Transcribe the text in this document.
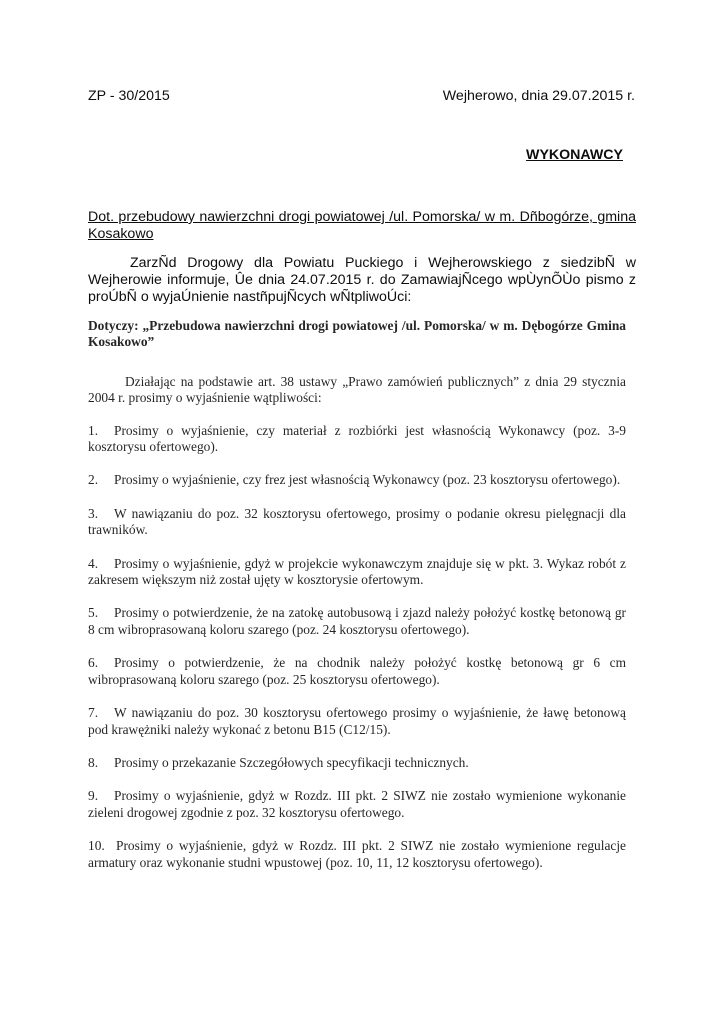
ZP - 30/2015	Wejherowo, dnia 29.07.2015 r.
WYKONAWCY
Dot. przebudowy nawierzchni drogi powiatowej /ul. Pomorska/ w m. Dñbogórze, gmina Kosakowo
ZarzÑd Drogowy dla Powiatu Puckiego i Wejherowskiego z siedzibÑ w Wejherowie informuje, Ûe dnia 24.07.2015 r. do ZamawiajÑcego wpÙynÕÙo pismo z proÚbÑ o wyjaÚnienie nastñpujÑcych wÑtpliwoÚci:

Dotyczy: „Przebudowa nawierzchni drogi powiatowej /ul. Pomorska/ w m. Dębogórze Gmina Kosakowo”

Działając na podstawie art. 38 ustawy „Prawo zamówień publicznych” z dnia 29 stycznia 2004 r. prosimy o wyjaśnienie wątpliwości:

1. Prosimy o wyjaśnienie, czy materiał z rozbiórki jest własnością Wykonawcy (poz. 3-9 kosztorysu ofertowego).

2. Prosimy o wyjaśnienie, czy frez jest własnością Wykonawcy (poz. 23 kosztorysu ofertowego).

3. W nawiązaniu do poz. 32 kosztorysu ofertowego, prosimy o podanie okresu pielęgnacji dla trawników.

4. Prosimy o wyjaśnienie, gdyż w projekcie wykonawczym znajduje się w pkt. 3. Wykaz robót z zakresem większym niż został ujęty w kosztorysie ofertowym.

5. Prosimy o potwierdzenie, że na zatokę autobusową i zjazd należy położyć kostkę betonową gr 8 cm wibroprasowaną koloru szarego (poz. 24 kosztorysu ofertowego).

6. Prosimy o potwierdzenie, że na chodnik należy położyć kostkę betonową gr 6 cm wibroprasowaną koloru szarego (poz. 25 kosztorysu ofertowego).

7. W nawiązaniu do poz. 30 kosztorysu ofertowego prosimy o wyjaśnienie, że ławę betonową pod krawężniki należy wykonać z betonu B15 (C12/15).

8. Prosimy o przekazanie Szczegółowych specyfikacji technicznych.

9. Prosimy o wyjaśnienie, gdyż w Rozdz. III pkt. 2 SIWZ nie zostało wymienione wykonanie zieleni drogowej zgodnie z poz. 32 kosztorysu ofertowego.

10. Prosimy o wyjaśnienie, gdyż w Rozdz. III pkt. 2 SIWZ nie zostało wymienione regulacje armatury oraz wykonanie studni wpustowej (poz. 10, 11, 12 kosztorysu ofertowego).
